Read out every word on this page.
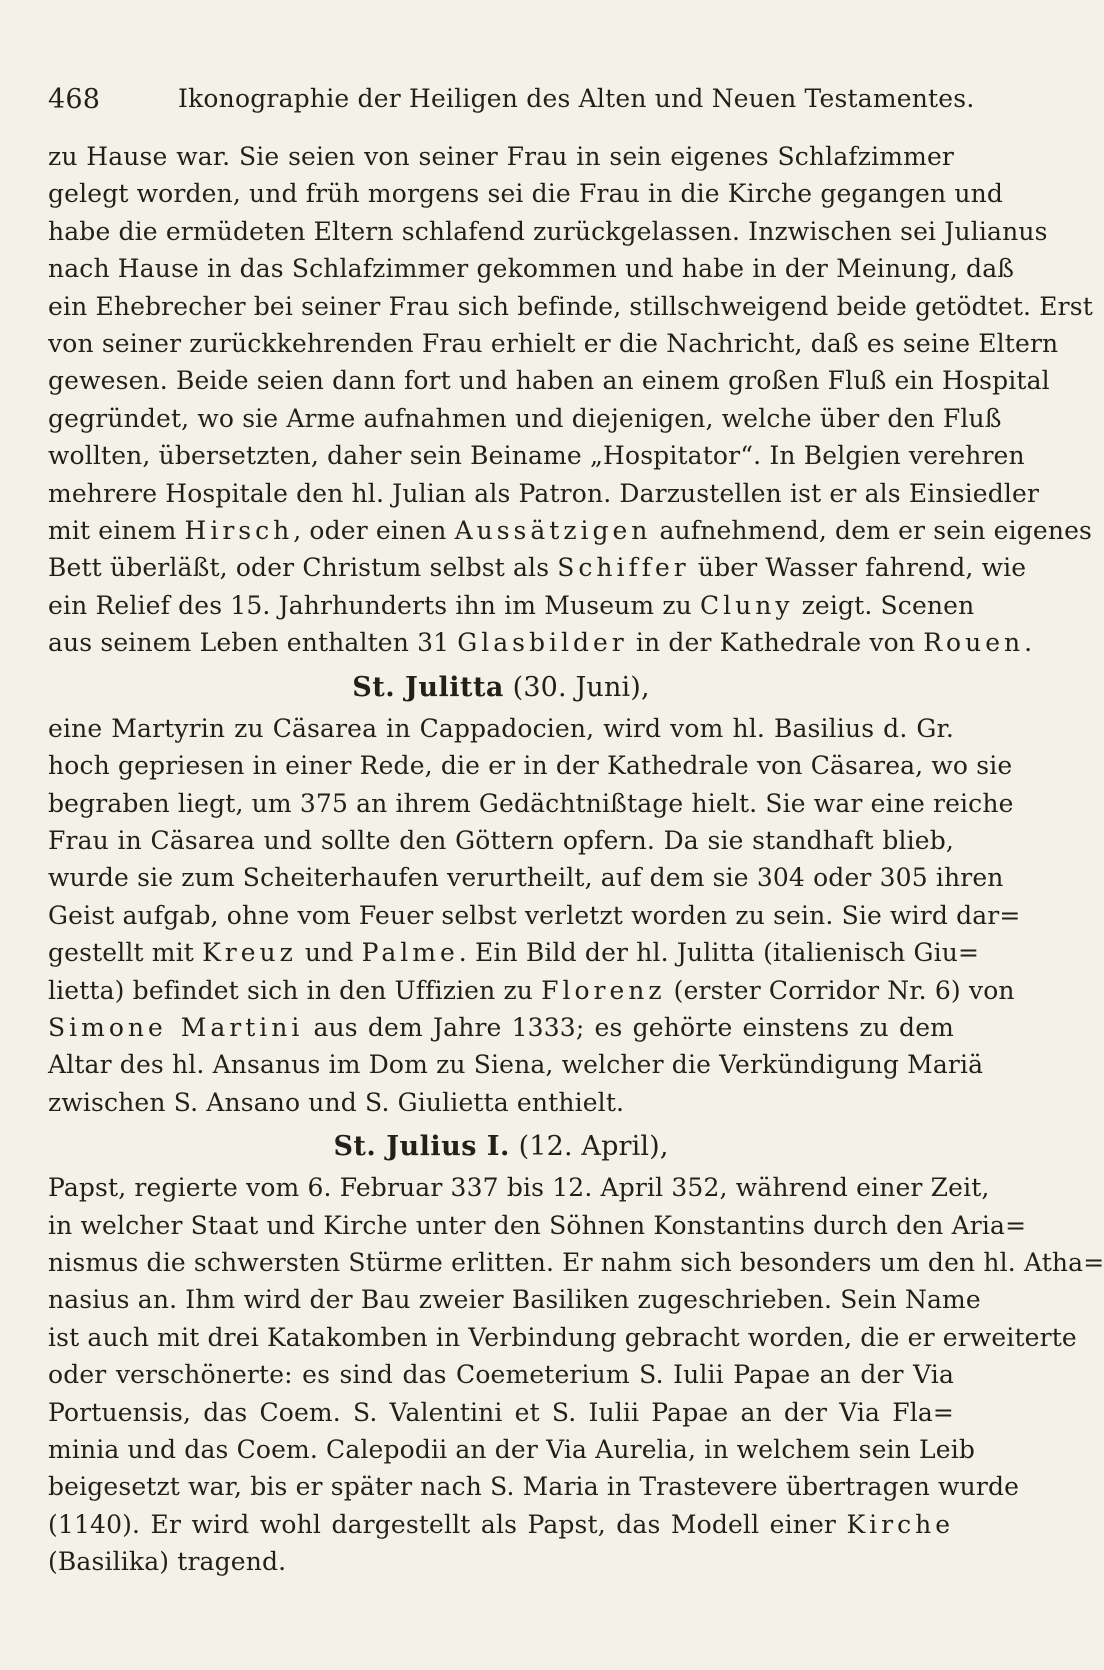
468	Ikonographie der Heiligen des Alten und Neuen Testamentes.
zu Hause war. Sie seien von seiner Frau in sein eigenes Schlafzimmer
gelegt worden, und früh morgens sei die Frau in die Kirche gegangen und
habe die ermüdeten Eltern schlafend zurückgelassen. Inzwischen sei Julianus
nach Hause in das Schlafzimmer gekommen und habe in der Meinung, daß
ein Ehebrecher bei seiner Frau sich befinde, stillschweigend beide getödtet. Erst
von seiner zurückkehrenden Frau erhielt er die Nachricht, daß es seine Eltern
gewesen. Beide seien dann fort und haben an einem großen Fluß ein Hospital
gegründet, wo sie Arme aufnahmen und diejenigen, welche über den Fluß
wollten, übersetzten, daher sein Beiname „Hospitator“. In Belgien verehren
mehrere Hospitale den hl. Julian als Patron. Darzustellen ist er als Einsiedler
mit einem Hirsch, oder einen Aussätzigen aufnehmend, dem er sein eigenes
Bett überläßt, oder Christum selbst als Schiffer über Wasser fahrend, wie
ein Relief des 15. Jahrhunderts ihn im Museum zu Cluny zeigt. Scenen
aus seinem Leben enthalten 31 Glasbilder in der Kathedrale von Rouen.
St. Julitta (30. Juni),
eine Martyrin zu Cäsarea in Cappadocien, wird vom hl. Basilius d. Gr.
hoch gepriesen in einer Rede, die er in der Kathedrale von Cäsarea, wo sie
begraben liegt, um 375 an ihrem Gedächtnißtage hielt. Sie war eine reiche
Frau in Cäsarea und sollte den Göttern opfern. Da sie standhaft blieb,
wurde sie zum Scheiterhaufen verurtheilt, auf dem sie 304 oder 305 ihren
Geist aufgab, ohne vom Feuer selbst verletzt worden zu sein. Sie wird dar=
gestellt mit Kreuz und Palme. Ein Bild der hl. Julitta (italienisch Giu=
lietta) befindet sich in den Uffizien zu Florenz (erster Corridor Nr. 6) von
Simone Martini aus dem Jahre 1333; es gehörte einstens zu dem
Altar des hl. Ansanus im Dom zu Siena, welcher die Verkündigung Mariä
zwischen S. Ansano und S. Giulietta enthielt.
St. Julius I. (12. April),
Papst, regierte vom 6. Februar 337 bis 12. April 352, während einer Zeit,
in welcher Staat und Kirche unter den Söhnen Konstantins durch den Aria=
nismus die schwersten Stürme erlitten. Er nahm sich besonders um den hl. Atha=
nasius an. Ihm wird der Bau zweier Basiliken zugeschrieben. Sein Name
ist auch mit drei Katakomben in Verbindung gebracht worden, die er erweiterte
oder verschönerte: es sind das Coemeterium S. Iulii Papae an der Via
Portuensis, das Coem. S. Valentini et S. Iulii Papae an der Via Fla=
minia und das Coem. Calepodii an der Via Aurelia, in welchem sein Leib
beigesetzt war, bis er später nach S. Maria in Trastevere übertragen wurde
(1140). Er wird wohl dargestellt als Papst, das Modell einer Kirche
(Basilika) tragend.
